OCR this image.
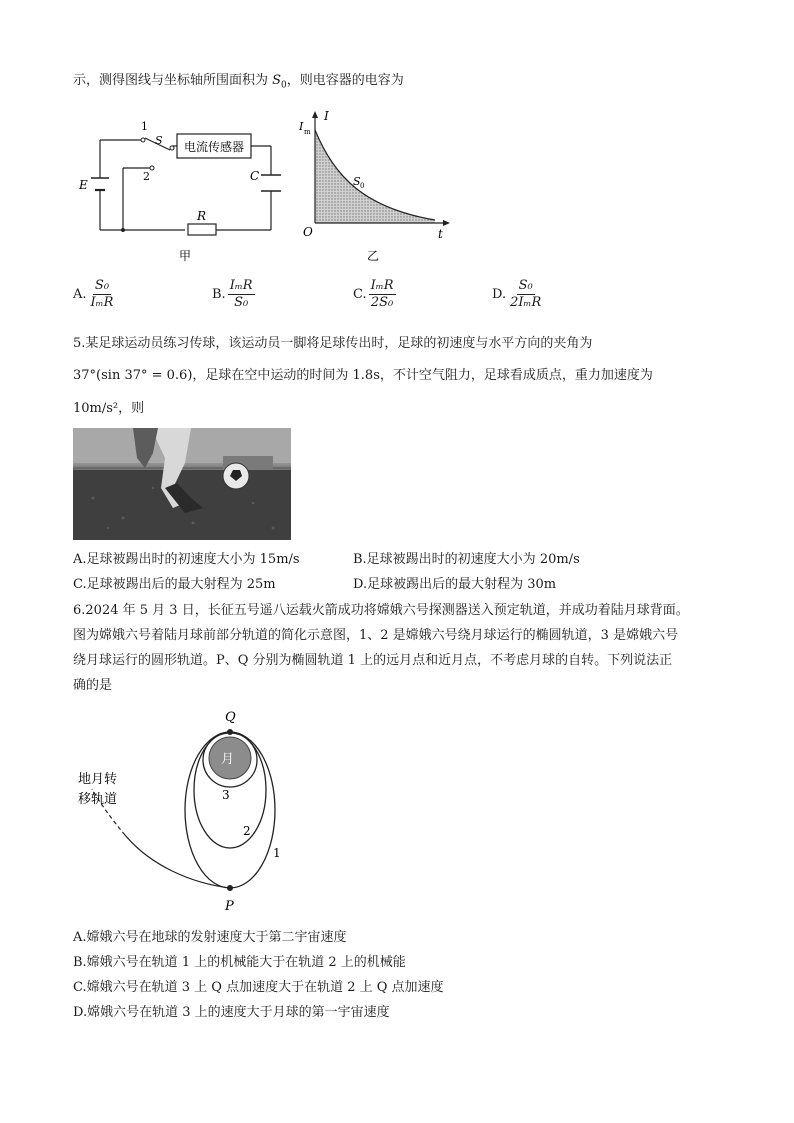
示，测得图线与坐标轴所围面积为 $S_0$，则电容器的电容为
1
S
2
电流传感器
E
C
R
甲
I
I m
t
O
S 0
乙
A. $\frac{\text{S₀}}{\text{IₘR}}$	B. $\frac{\text{IₘR}}{\text{S₀}}$	C. $\frac{\text{IₘR}}{\text{2S₀}}$	D. $\frac{\text{S₀}}{\text{2IₘR}}$
5.某足球运动员练习传球，该运动员一脚将足球传出时，足球的初速度与水平方向的夹角为
37°(sin 37° = 0.6)，足球在空中运动的时间为 1.8s，不计空气阻力，足球看成质点，重力加速度为
10m/s²，则
A.足球被踢出时的初速度大小为 15m/s	B.足球被踢出时的初速度大小为 20m/s
C.足球被踢出后的最大射程为 25m	D.足球被踢出后的最大射程为 30m
6.2024 年 5 月 3 日，长征五号遥八运载火箭成功将嫦娥六号探测器送入预定轨道，并成功着陆月球背面。
图为嫦娥六号着陆月球前部分轨道的简化示意图，1、2 是嫦娥六号绕月球运行的椭圆轨道，3 是嫦娥六号
绕月球运行的圆形轨道。P、Q 分别为椭圆轨道 1 上的远月点和近月点，不考虑月球的自转。下列说法正
确的是
Q
P
月
3
2
1
地月转
移轨道
A.嫦娥六号在地球的发射速度大于第二宇宙速度
B.嫦娥六号在轨道 1 上的机械能大于在轨道 2 上的机械能
C.嫦娥六号在轨道 3 上 Q 点加速度大于在轨道 2 上 Q 点加速度
D.嫦娥六号在轨道 3 上的速度大于月球的第一宇宙速度
